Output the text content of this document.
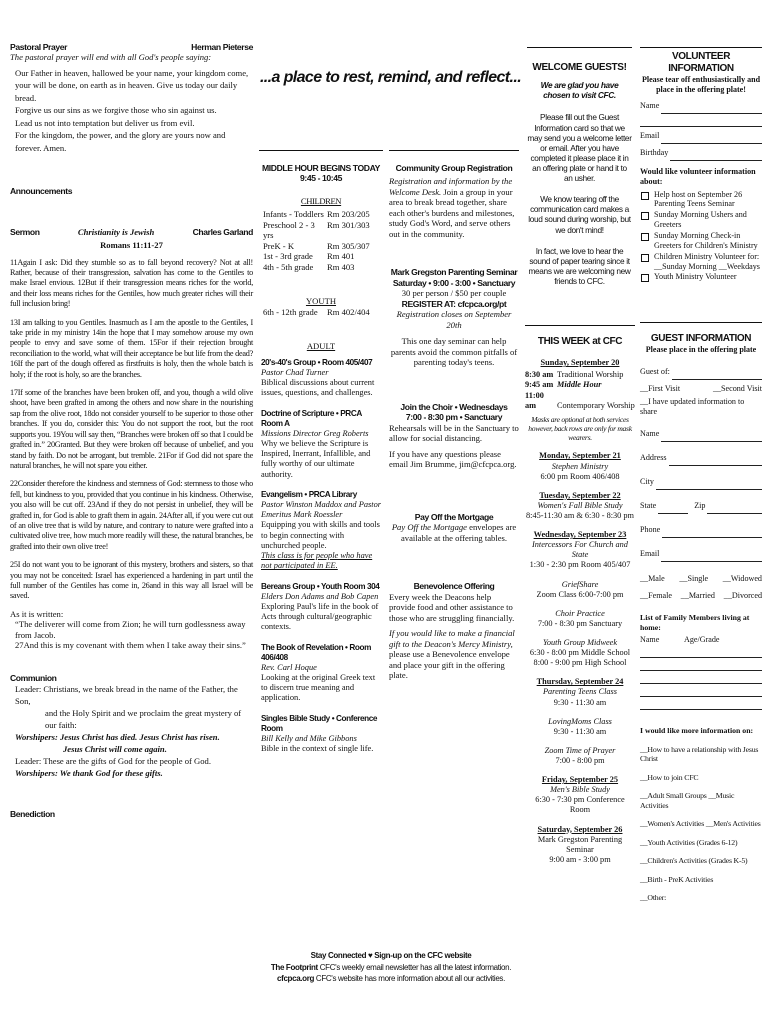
Pastoral Prayer	Herman Pieterse

The pastoral prayer will end with all God's people saying:

Our Father in heaven, hallowed be your name, your kingdom come,

your will be done, on earth as in heaven. Give us today our daily bread.

Forgive us our sins as we forgive those who sin against us.

Lead us not into temptation but deliver us from evil.

For the kingdom, the power, and the glory are yours now and forever. Amen.

Announcements

Sermon	Christianity is Jewish	Charles Garland

Romans 11:11-27

11Again I ask: Did they stumble so as to fall beyond recovery? Not at all! Rather, because of their transgression, salvation has come to the Gentiles to make Israel envious. 12But if their transgression means riches for the world, and their loss means riches for the Gentiles, how much greater riches will their full inclusion bring!

13I am talking to you Gentiles. Inasmuch as I am the apostle to the Gentiles, I take pride in my ministry 14in the hope that I may somehow arouse my own people to envy and save some of them. 15For if their rejection brought reconciliation to the world, what will their acceptance be but life from the dead? 16If the part of the dough offered as firstfruits is holy, then the whole batch is holy; if the root is holy, so are the branches.

17If some of the branches have been broken off, and you, though a wild olive shoot, have been grafted in among the others and now share in the nourishing sap from the olive root, 18do not consider yourself to be superior to those other branches. If you do, consider this: You do not support the root, but the root supports you. 19You will say then, “Branches were broken off so that I could be grafted in.” 20Granted. But they were broken off because of unbelief, and you stand by faith. Do not be arrogant, but tremble. 21For if God did not spare the natural branches, he will not spare you either.

22Consider therefore the kindness and sternness of God: sternness to those who fell, but kindness to you, provided that you continue in his kindness. Otherwise, you also will be cut off. 23And if they do not persist in unbelief, they will be grafted in, for God is able to graft them in again. 24After all, if you were cut out of an olive tree that is wild by nature, and contrary to nature were grafted into a cultivated olive tree, how much more readily will these, the natural branches, be grafted into their own olive tree!

25I do not want you to be ignorant of this mystery, brothers and sisters, so that you may not be conceited: Israel has experienced a hardening in part until the full number of the Gentiles has come in, 26and in this way all Israel will be saved.

As it is written:

“The deliverer will come from Zion; he will turn godlessness away from Jacob.

27And this is my covenant with them when I take away their sins.”

Communion

Leader: Christians, we break bread in the name of the Father, the Son,

and the Holy Spirit and we proclaim the great mystery of our faith:

Worshipers: Jesus Christ has died. Jesus Christ has risen.

Jesus Christ will come again.

Leader: These are the gifts of God for the people of God.

Worshipers: We thank God for these gifts.

Benediction

...a place to rest, remind, and reflect...

MIDDLE HOUR BEGINS TODAY

9:45 - 10:45

CHILDREN

Infants - Toddlers Rm 203/205
Preschool 2 - 3 yrs
Rm 301/303
PreK - K	Rm 305/307
1st - 3rd grade	Rm 401
4th - 5th grade	Rm 403

YOUTH

6th - 12th grade	Rm 402/404

ADULT

20's-40's Group • Room 405/407

Pastor Chad Turner

Biblical discussions about current issues, questions, and challenges.

Doctrine of Scripture • PRCA Room A

Missions Director Greg Roberts

Why we believe the Scripture is Inspired, Inerrant, Infallible, and fully worthy of our ultimate authority.

Evangelism • PRCA Library

Pastor Winston Maddox and Pastor Emeritus Mark Roessler

Equipping you with skills and tools to begin connecting with unchurched people.

This class is for people who have not participated in EE.

Bereans Group • Youth Room 304

Elders Don Adams and Bob Capen

Exploring Paul's life in the book of Acts through cultural/geographic contexts.

The Book of Revelation • Room 406/408

Rev. Carl Hoque

Looking at the original Greek text to discern true meaning and application.

Singles Bible Study • Conference Room

Bill Kelly and Mike Gibbons

Bible in the context of single life.

Community Group Registration

Registration and information by the Welcome Desk. Join a group in your area to break bread together, share each other's burdens and milestones, study God's Word, and serve others out in the community.

Mark Gregston Parenting Seminar

Saturday • 9:00 - 3:00 • Sanctuary

30 per person / $50 per couple

REGISTER AT: cfcpca.org/pt

Registration closes on September 20th

This one day seminar can help parents avoid the common pitfalls of parenting today's teens.

Join the Choir • Wednesdays

7:00 - 8:30 pm • Sanctuary

Rehearsals will be in the Sanctuary to allow for social distancing.

If you have any questions please email Jim Brumme, jim@cfcpca.org.

Pay Off the Mortgage

Pay Off the Mortgage envelopes are available at the offering tables.

Benevolence Offering

Every week the Deacons help provide food and other assistance to those who are struggling financially.

If you would like to make a financial gift to the Deacon's Mercy Ministry, please use a Benevolence envelope and place your gift in the offering plate.

WELCOME GUESTS!

We are glad you have chosen to visit CFC.

Please fill out the Guest Information card so that we may send you a welcome letter or email. After you have completed it please place it in an offering plate or hand it to an usher.

We know tearing off the communication card makes a loud sound during worship, but we don't mind!

In fact, we love to hear the sound of paper tearing since it means we are welcoming new friends to CFC.

THIS WEEK at CFC

Sunday, September 20

8:30 am Traditional Worship
9:45 am Middle Hour
11:00 am	Contemporary Worship

Masks are optional at both services however, back rows are only for mask wearers.

Monday, September 21

Stephen Ministry

6:00 pm Room 406/408

Tuesday, September 22

Women's Fall Bible Study

8:45-11:30 am & 6:30 - 8:30 pm

Wednesday, September 23

Intercessors For Church and State

1:30 - 2:30 pm Room 405/407

GriefShare

Zoom Class 6:00-7:00 pm

Choir Practice

7:00 - 8:30 pm Sanctuary

Youth Group Midweek

6:30 - 8:00 pm Middle School

8:00 - 9:00 pm High School

Thursday, September 24

Parenting Teens Class

9:30 - 11:30 am

LovingMoms Class

9:30 - 11:30 am

Zoom Time of Prayer

7:00 - 8:00 pm

Friday, September 25

Men's Bible Study

6:30 - 7:30 pm Conference Room

Saturday, September 26

Mark Gregston Parenting Seminar

9:00 am - 3:00 pm

VOLUNTEER INFORMATION

Please tear off enthusiastically and place in the offering plate!

Name
Email
Birthday

Would like volunteer information about:

Help host on September 26 Parenting Teens Seminar
Sunday Morning Ushers and Greeters
Sunday Morning Check-in Greeters for Children's Ministry
Children Ministry Volunteer for: __Sunday Morning __Weekdays
Youth Ministry Volunteer

GUEST INFORMATION

Please place in the offering plate

Guest of:
__First Visit	__Second Visit

__I have updated information to share

Name
Address
City
State	Zip
Phone
Email
__Male __Single __Widowed
__Female __Married __Divorced

List of Family Members living at home:

Name	Age/Grade

I would like more information on:

__How to have a relationship with Jesus Christ

__How to join CFC

__Adult Small Groups __Music Activities

__Women's Activities __Men's Activities

__Youth Activities (Grades 6-12)

__Children's Activities (Grades K-5)

__Birth - PreK Activities

__Other:

Stay Connected ♥ Sign-up on the CFC website

The Footprint CFC's weekly email newsletter has all the latest information.

cfcpca.org CFC's website has more information about all our activities.
